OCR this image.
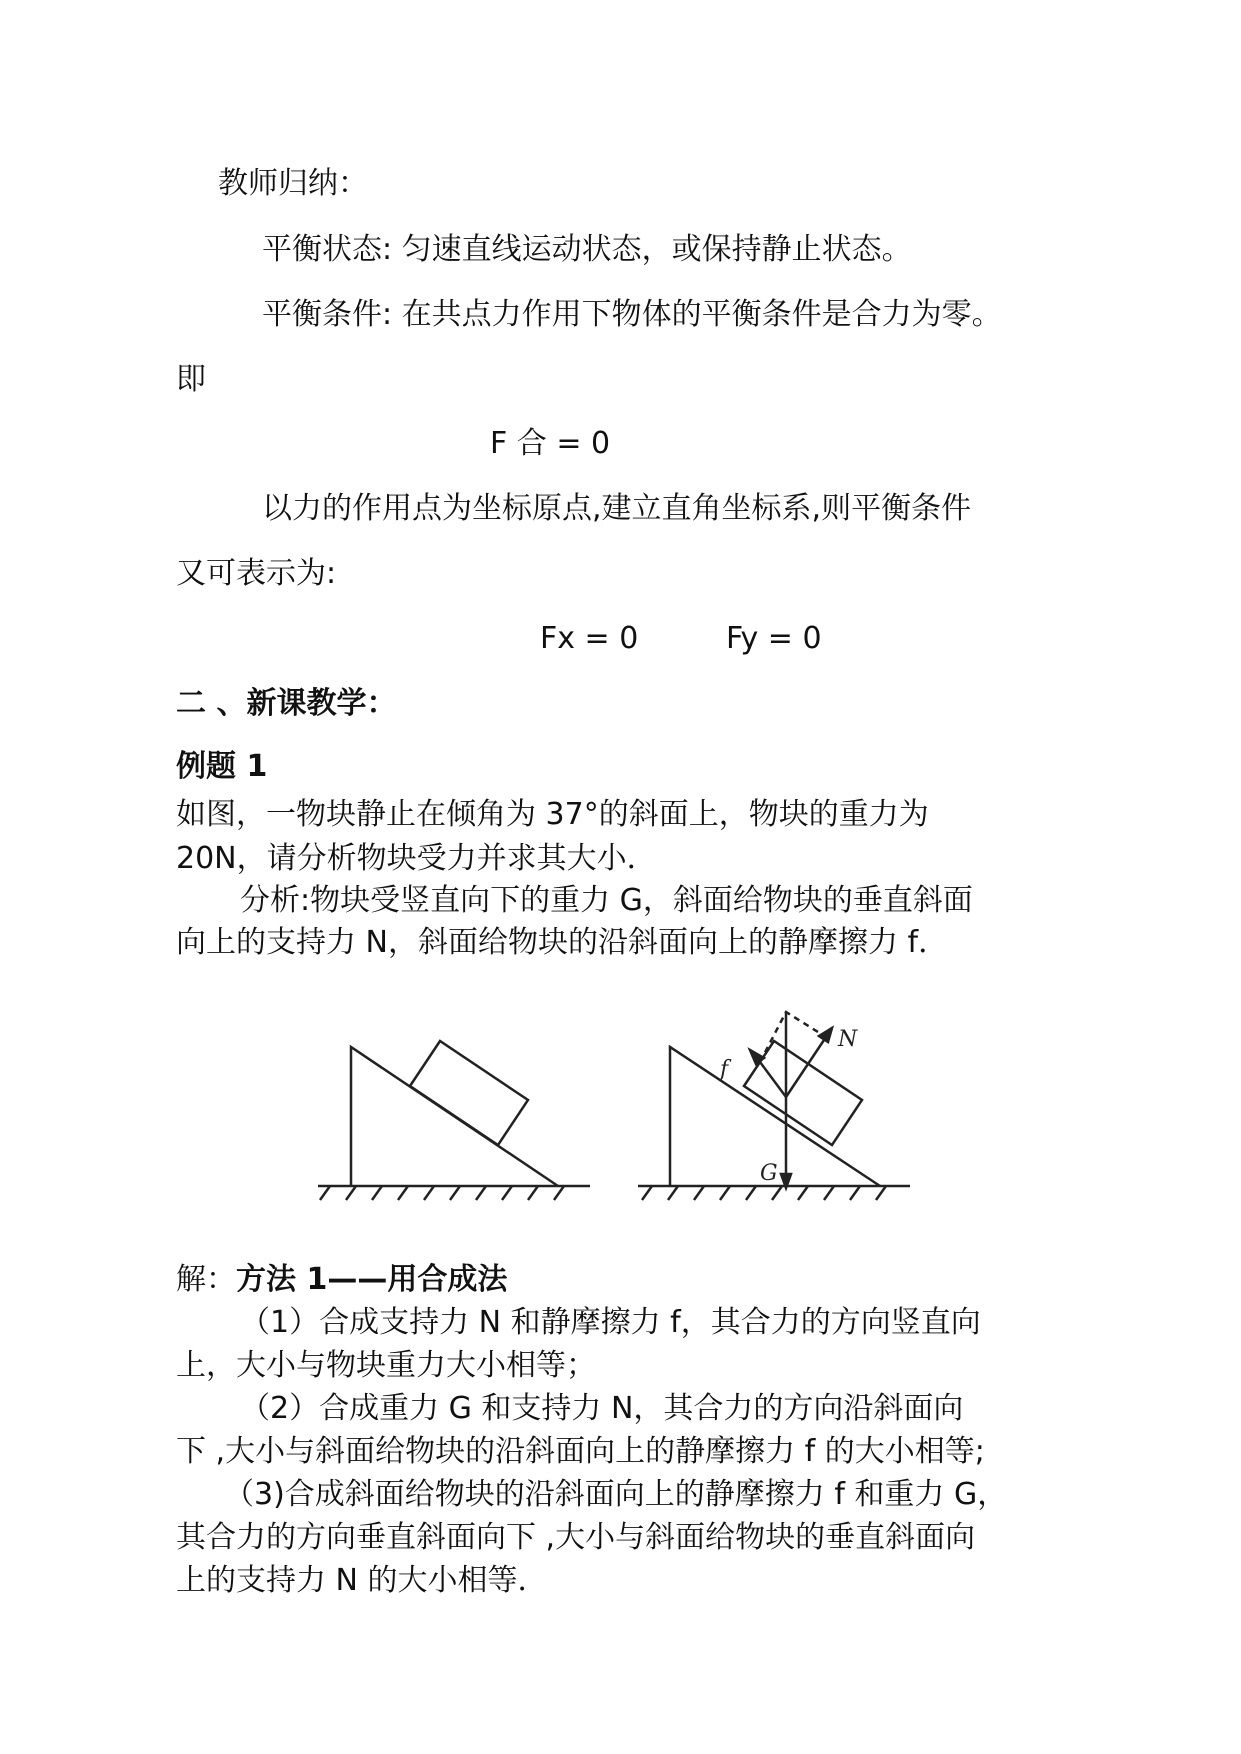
教师归纳：
平衡状态: 匀速直线运动状态，或保持静止状态。
平衡条件: 在共点力作用下物体的平衡条件是合力为零。
即
F 合 = 0
以力的作用点为坐标原点,建立直角坐标系,则平衡条件
又可表示为:
Fx = 0	Fy = 0
二 、新课教学：
例题 1
如图，一物块静止在倾角为 37°的斜面上，物块的重力为
20N，请分析物块受力并求其大小．
分析:物块受竖直向下的重力 G，斜面给物块的垂直斜面
向上的支持力 N，斜面给物块的沿斜面向上的静摩擦力 f．
f
N
G
解：方法 1——用合成法
（1）合成支持力 N 和静摩擦力 f，其合力的方向竖直向
上，大小与物块重力大小相等；
（2）合成重力 G 和支持力 N，其合力的方向沿斜面向
下 ,大小与斜面给物块的沿斜面向上的静摩擦力 f 的大小相等;
（3)合成斜面给物块的沿斜面向上的静摩擦力 f 和重力 G，
其合力的方向垂直斜面向下 ,大小与斜面给物块的垂直斜面向
上的支持力 N 的大小相等．
